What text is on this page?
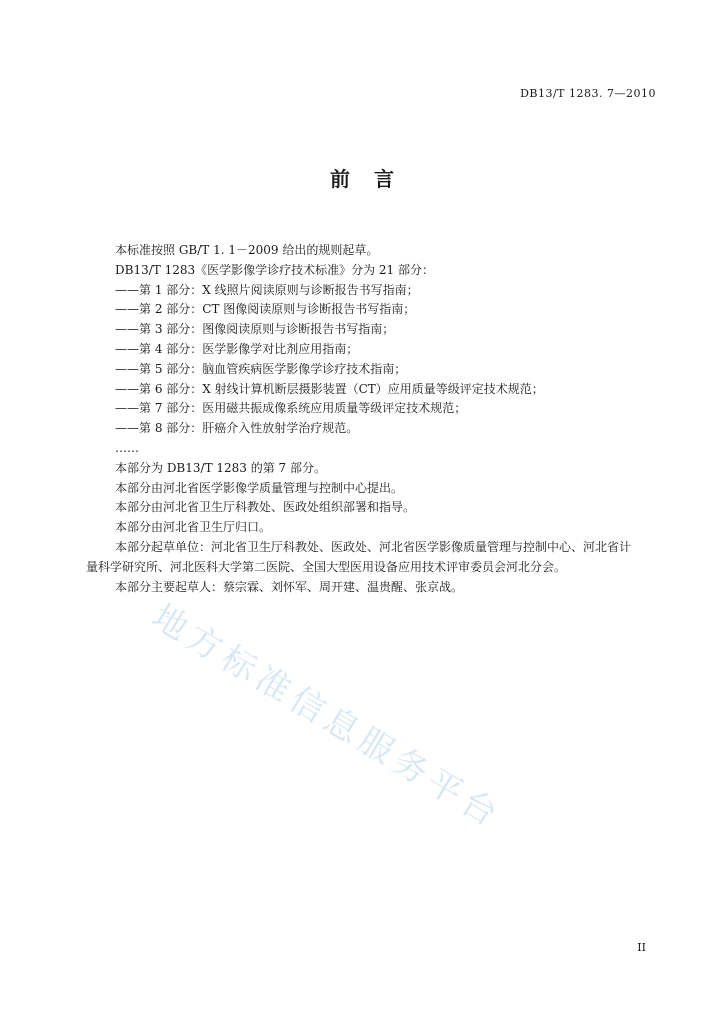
DB13/T 1283. 7—2010
前 言

本标准按照 GB/T 1. 1－2009 给出的规则起草。

DB13/T 1283《医学影像学诊疗技术标准》分为 21 部分：

——第 1 部分：X 线照片阅读原则与诊断报告书写指南；

——第 2 部分：CT 图像阅读原则与诊断报告书写指南；

——第 3 部分：图像阅读原则与诊断报告书写指南；

——第 4 部分：医学影像学对比剂应用指南；

——第 5 部分：脑血管疾病医学影像学诊疗技术指南；

——第 6 部分：X 射线计算机断层摄影装置（CT）应用质量等级评定技术规范；

——第 7 部分：医用磁共振成像系统应用质量等级评定技术规范；

——第 8 部分：肝癌介入性放射学治疗规范。

……

本部分为 DB13/T 1283 的第 7 部分。

本部分由河北省医学影像学质量管理与控制中心提出。

本部分由河北省卫生厅科教处、医政处组织部署和指导。

本部分由河北省卫生厅归口。

本部分起草单位：河北省卫生厅科教处、医政处、河北省医学影像质量管理与控制中心、河北省计

量科学研究所、河北医科大学第二医院、全国大型医用设备应用技术评审委员会河北分会。

本部分主要起草人：蔡宗霖、刘怀军、周开建、温贵醒、张京战。

地方标准信息服务平台
II
